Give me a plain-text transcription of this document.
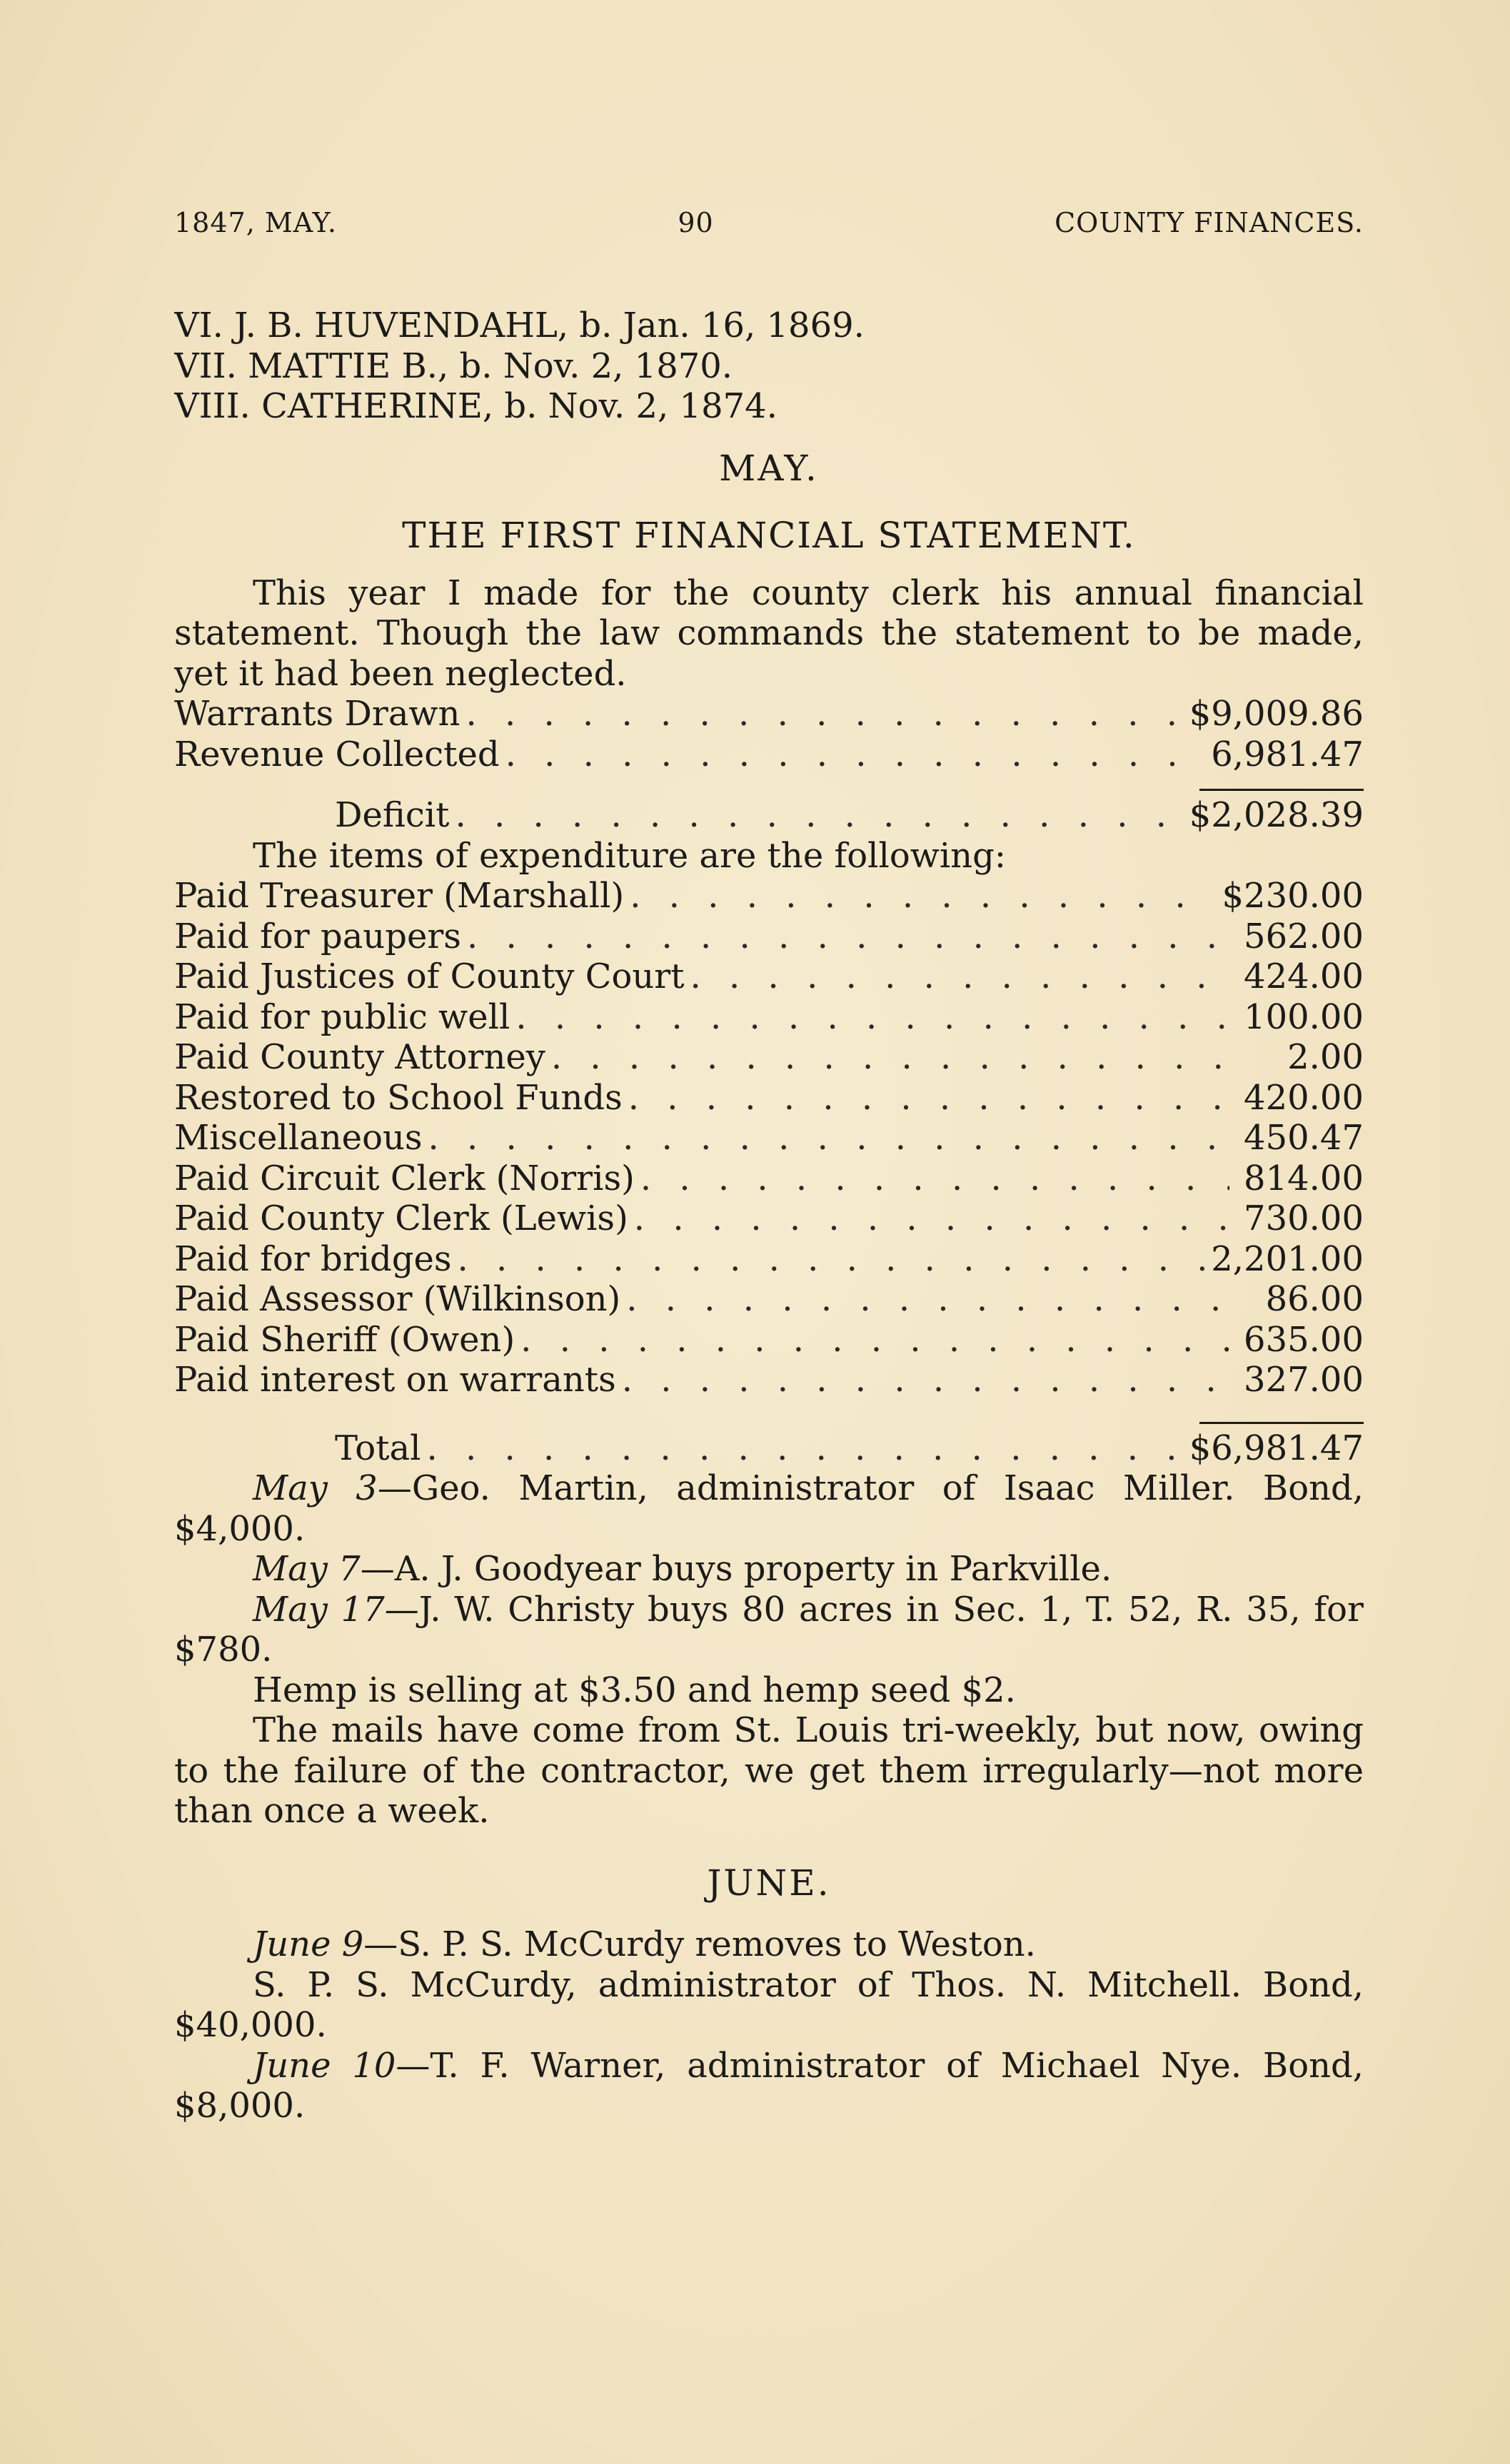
1847, MAY.	90	COUNTY FINANCES.
VI. J. B. HUVENDAHL, b. Jan. 16, 1869.
VII. MATTIE B., b. Nov. 2, 1870.
VIII. CATHERINE, b. Nov. 2, 1874.
MAY.
THE FIRST FINANCIAL STATEMENT.
This year I made for the county clerk his annual financial
statement. Though the law commands the statement to be made,
yet it had been neglected.
Warrants Drawn . . .	$9,009.86
Revenue Collected . . .	6,981.47
Deficit . . .	$2,028.39
The items of expenditure are the following:
Paid Treasurer (Marshall) . . .	$230.00
Paid for paupers . . .	562.00
Paid Justices of County Court . . .	424.00
Paid for public well . . .	100.00
Paid County Attorney . . .	2.00
Restored to School Funds . . .	420.00
Miscellaneous . . .	450.47
Paid Circuit Clerk (Norris) . . .	814.00
Paid County Clerk (Lewis) . . .	730.00
Paid for bridges . . .	2,201.00
Paid Assessor (Wilkinson) . . .	86.00
Paid Sheriff (Owen) . . .	635.00
Paid interest on warrants . . .	327.00
Total . . .	$6,981.47
May 3—Geo. Martin, administrator of Isaac Miller. Bond, $4,000.
May 7—A. J. Goodyear buys property in Parkville.
May 17—J. W. Christy buys 80 acres in Sec. 1, T. 52, R. 35, for $780.
Hemp is selling at $3.50 and hemp seed $2.
The mails have come from St. Louis tri-weekly, but now, owing to the failure of the contractor, we get them irregularly—not more than once a week.
JUNE.
June 9—S. P. S. McCurdy removes to Weston.
S. P. S. McCurdy, administrator of Thos. N. Mitchell. Bond, $40,000.
June 10—T. F. Warner, administrator of Michael Nye. Bond, $8,000.
